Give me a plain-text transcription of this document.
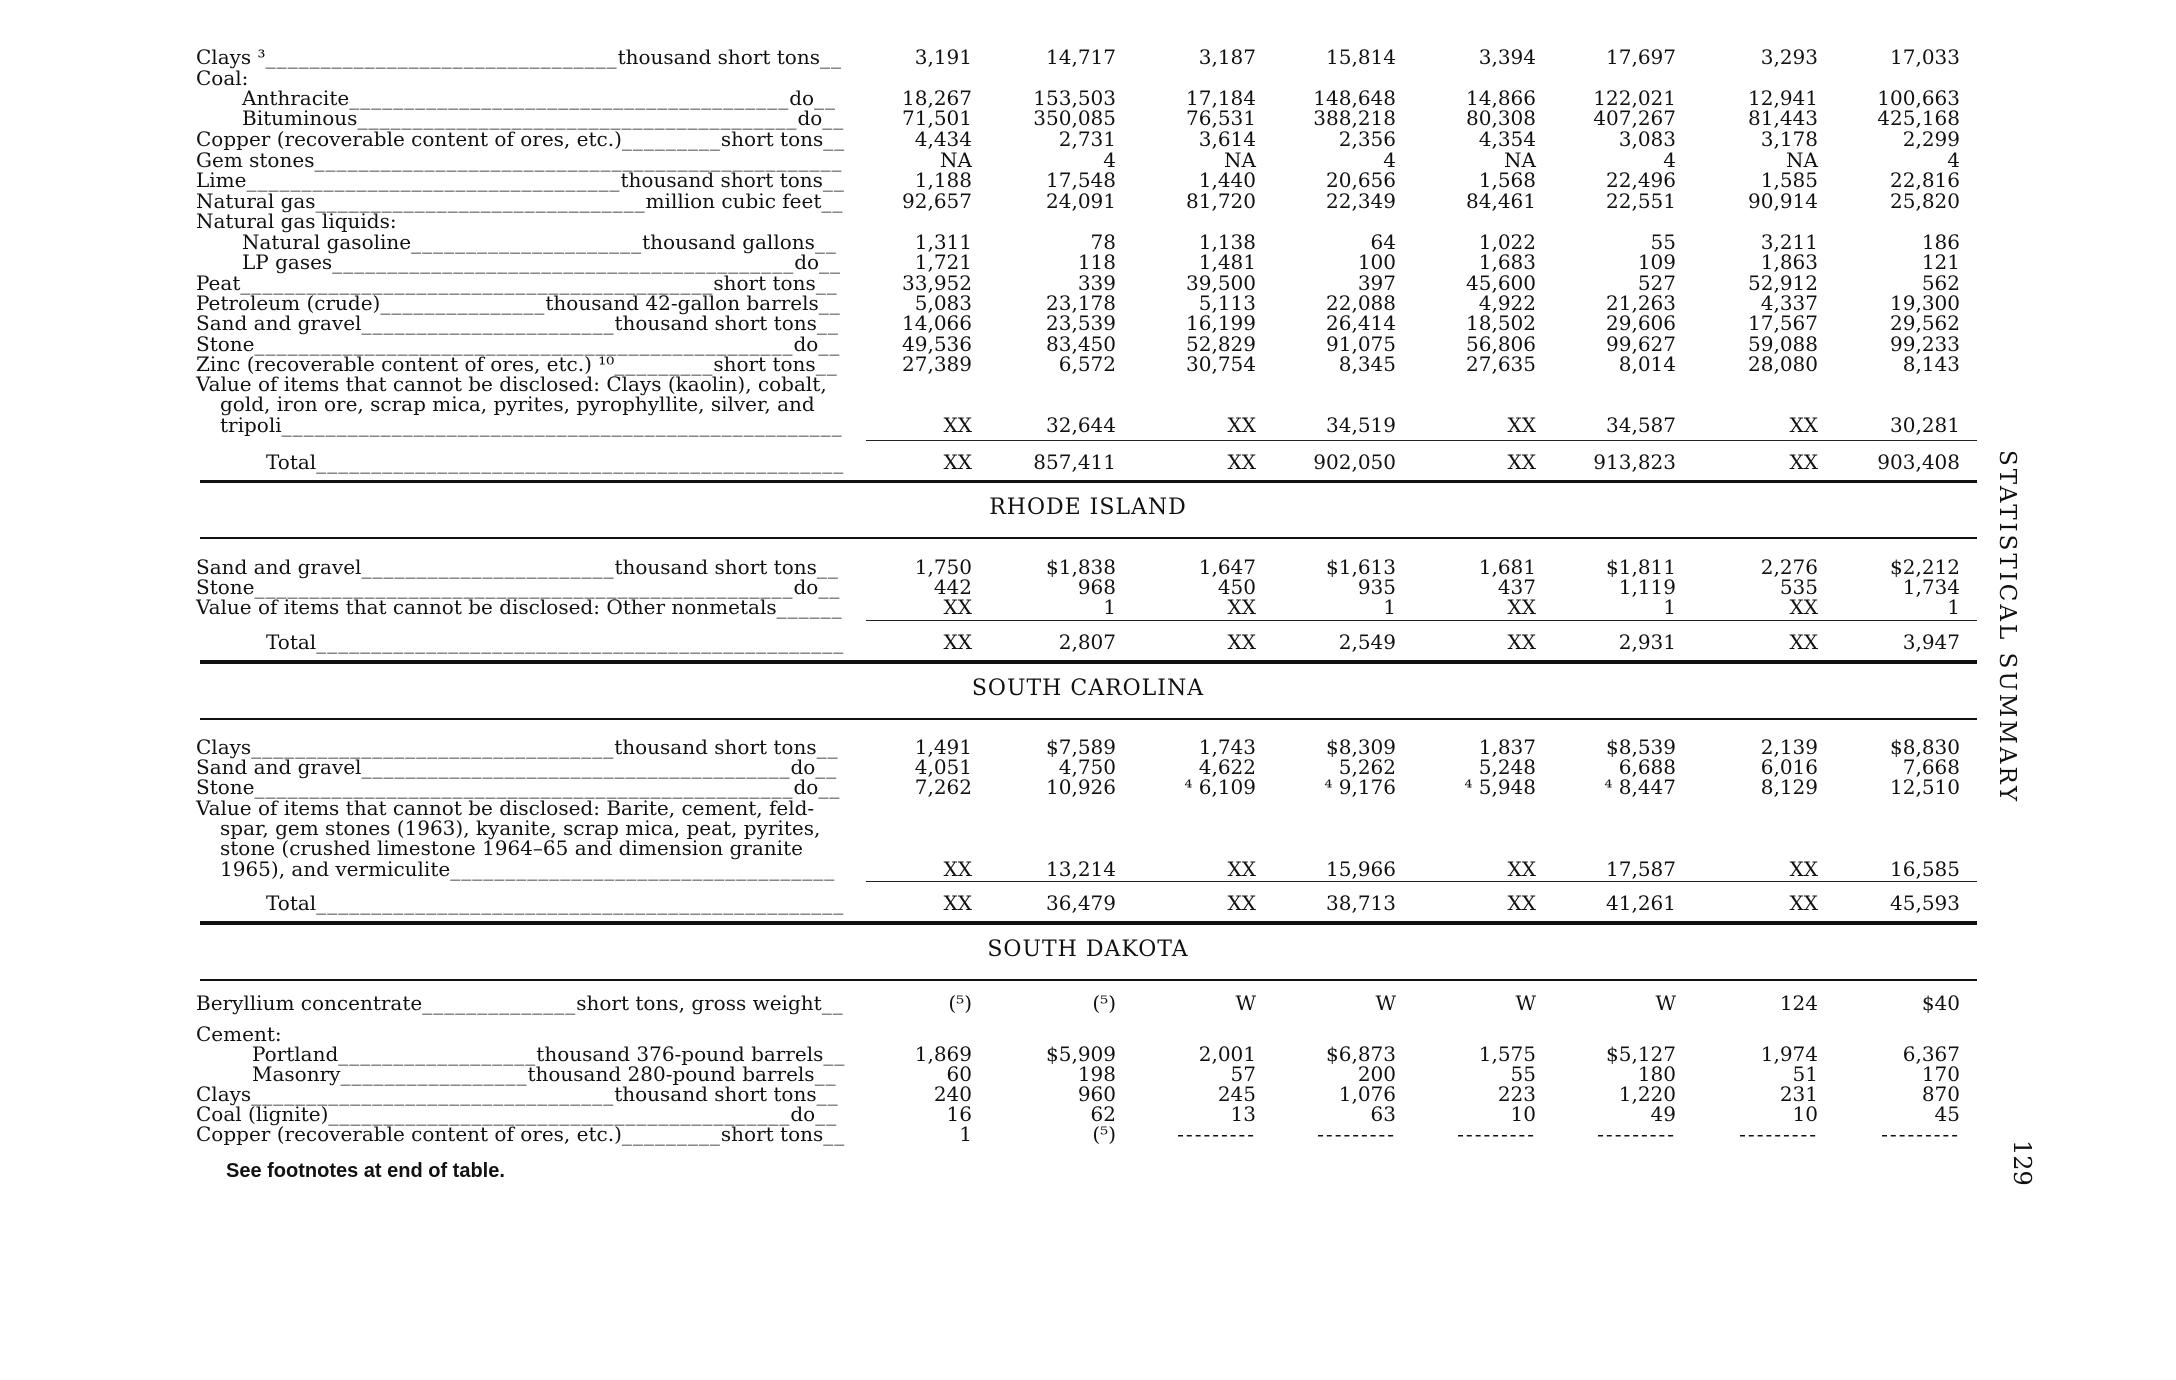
Clays ³________________________________thousand short tons__	3,191	14,717	3,187	15,814	3,394	17,697	3,293	17,033
Coal:
Anthracite________________________________________do__	18,267	153,503	17,184	148,648	14,866	122,021	12,941	100,663
Bituminous________________________________________do__	71,501	350,085	76,531	388,218	80,308	407,267	81,443	425,168
Copper (recoverable content of ores, etc.)_________short tons__	4,434	2,731	3,614	2,356	4,354	3,083	3,178	2,299
Gem stones________________________________________________	NA	4	NA	4	NA	4	NA	4
Lime__________________________________thousand short tons__	1,188	17,548	1,440	20,656	1,568	22,496	1,585	22,816
Natural gas______________________________million cubic feet__	92,657	24,091	81,720	22,349	84,461	22,551	90,914	25,820
Natural gas liquids:
Natural gasoline_____________________thousand gallons__	1,311	78	1,138	64	1,022	55	3,211	186
LP gases__________________________________________do__	1,721	118	1,481	100	1,683	109	1,863	121
Peat___________________________________________short tons__	33,952	339	39,500	397	45,600	527	52,912	562
Petroleum (crude)_______________thousand 42-gallon barrels__	5,083	23,178	5,113	22,088	4,922	21,263	4,337	19,300
Sand and gravel_______________________thousand short tons__	14,066	23,539	16,199	26,414	18,502	29,606	17,567	29,562
Stone_________________________________________________do__	49,536	83,450	52,829	91,075	56,806	99,627	59,088	99,233
Zinc (recoverable content of ores, etc.) ¹⁰_________short tons__	27,389	6,572	30,754	8,345	27,635	8,014	28,080	8,143
Value of items that cannot be disclosed: Clays (kaolin), cobalt,
gold, iron ore, scrap mica, pyrites, pyrophyllite, silver, and
tripoli___________________________________________________	XX	32,644	XX	34,519	XX	34,587	XX	30,281
Total________________________________________________	XX	857,411	XX	902,050	XX	913,823	XX	903,408
RHODE ISLAND
Sand and gravel_______________________thousand short tons__	1,750	$1,838	1,647	$1,613	1,681	$1,811	2,276	$2,212
Stone_________________________________________________do__	442	968	450	935	437	1,119	535	1,734
Value of items that cannot be disclosed: Other nonmetals______	XX	1	XX	1	XX	1	XX	1
Total________________________________________________	XX	2,807	XX	2,549	XX	2,931	XX	3,947
SOUTH CAROLINA
Clays_________________________________thousand short tons__	1,491	$7,589	1,743	$8,309	1,837	$8,539	2,139	$8,830
Sand and gravel_______________________________________do__	4,051	4,750	4,622	5,262	5,248	6,688	6,016	7,668
Stone_________________________________________________do__	7,262	10,926	⁴ 6,109	⁴ 9,176	⁴ 5,948	⁴ 8,447	8,129	12,510
Value of items that cannot be disclosed: Barite, cement, feld-
spar, gem stones (1963), kyanite, scrap mica, peat, pyrites,
stone (crushed limestone 1964–65 and dimension granite
1965), and vermiculite___________________________________	XX	13,214	XX	15,966	XX	17,587	XX	16,585
Total________________________________________________	XX	36,479	XX	38,713	XX	41,261	XX	45,593
SOUTH DAKOTA
Beryllium concentrate______________short tons, gross weight__	(⁵)	(⁵)	W	W	W	W	124	$40
Cement:
Portland__________________thousand 376-pound barrels__	1,869	$5,909	2,001	$6,873	1,575	$5,127	1,974	6,367
Masonry_________________thousand 280-pound barrels__	60	198	57	200	55	180	51	170
Clays_________________________________thousand short tons__	240	960	245	1,076	223	1,220	231	870
Coal (lignite)__________________________________________do__	16	62	13	63	10	49	10	45
Copper (recoverable content of ores, etc.)_________short tons__	1	(⁵)	---------	---------	---------	---------	---------	---------
STATISTICAL SUMMARY
129
See footnotes at end of table.
